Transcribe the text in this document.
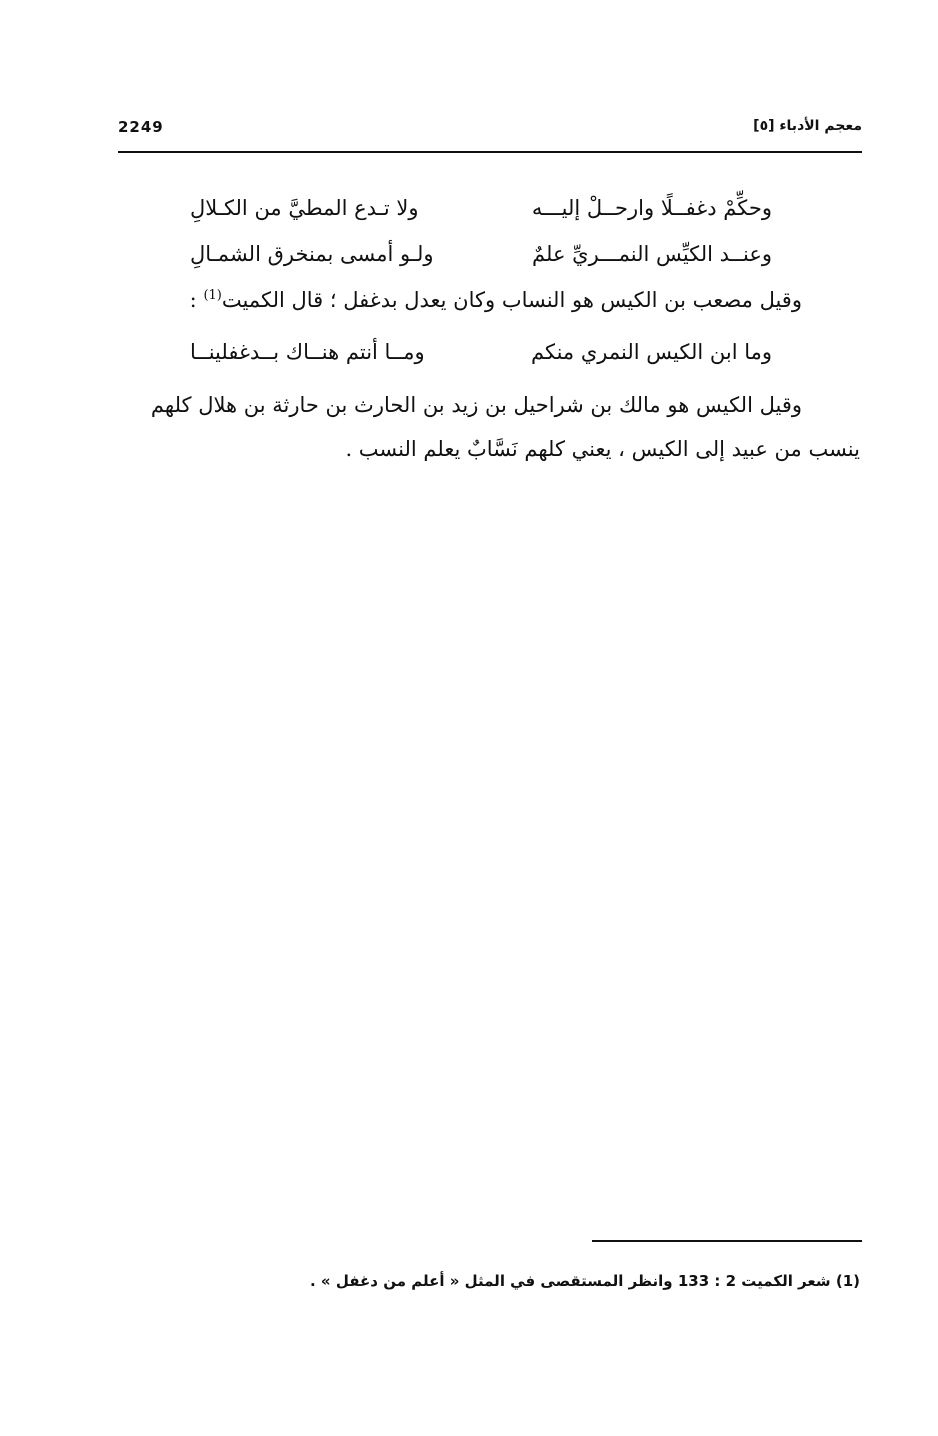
2249	معجم الأدباء [٥]
وحكِّمْ دغفــلًا وارحــلْ إليـــه
ولا تـدع المطيَّ من الكـلالِ
وعنــد الكيِّس النمـــريِّ علمٌ
ولـو أمسى بمنخرق الشمـالِ
وقيل مصعب بن الكيس هو النساب وكان يعدل بدغفل ؛ قال الكميت$^{(1)}$ :
وما ابن الكيس النمري منكم
ومــا أنتم هنــاك بــدغفلينــا
وقيل الكيس هو مالك بن شراحيل بن زيد بن الحارث بن حارثة بن هلال كلهم
ينسب من عبيد إلى الكيس ، يعني كلهم نَسَّابٌ يعلم النسب .
(1) شعر الكميت 2 : 133 وانظر المستقصى في المثل « أعلم من دغفل » .
